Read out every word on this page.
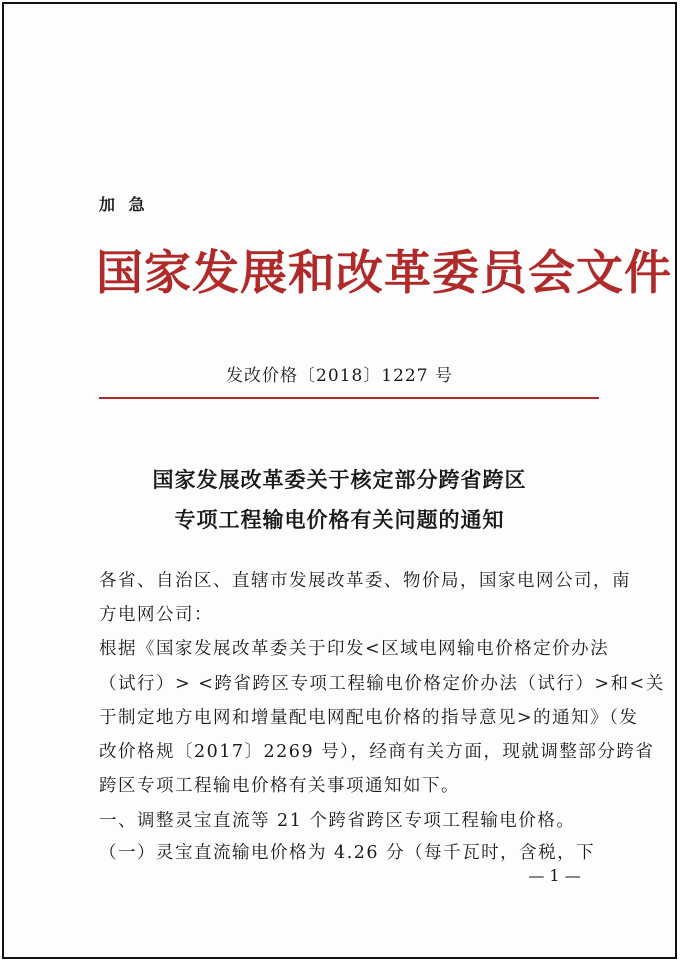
加 急
国家发展和改革委员会文件
发改价格〔2018〕1227 号
国家发展改革委关于核定部分跨省跨区
专项工程输电价格有关问题的通知
各省、自治区、直辖市发展改革委、物价局，国家电网公司，南
方电网公司：
根据《国家发展改革委关于印发<区域电网输电价格定价办法
（试行）> <跨省跨区专项工程输电价格定价办法（试行）>和<关
于制定地方电网和增量配电网配电价格的指导意见>的通知》（发
改价格规〔2017〕2269 号），经商有关方面，现就调整部分跨省
跨区专项工程输电价格有关事项通知如下。
一、调整灵宝直流等 21 个跨省跨区专项工程输电价格。
（一）灵宝直流输电价格为 4.26 分（每千瓦时，含税，下
— 1 —
